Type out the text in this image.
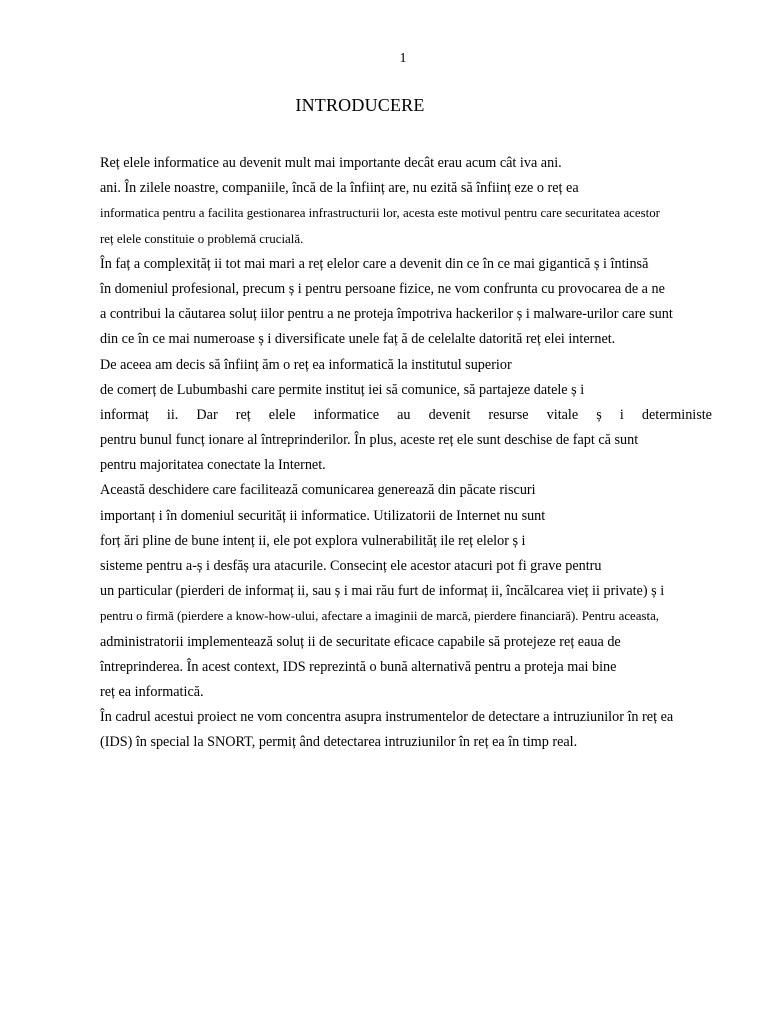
1
INTRODUCERE
Reț elele informatice au devenit mult mai importante decât erau acum cât iva ani.
ani. În zilele noastre, companiile, încă de la înființ are, nu ezită să înființ eze o reț ea
informatica pentru a facilita gestionarea infrastructurii lor, acesta este motivul pentru care securitatea acestor
reț elele constituie o problemă crucială.
În faț a complexităț ii tot mai mari a reț elelor care a devenit din ce în ce mai gigantică ș i întinsă
în domeniul profesional, precum ș i pentru persoane fizice, ne vom confrunta cu provocarea de a ne
a contribui la căutarea soluț iilor pentru a ne proteja împotriva hackerilor ș i malware-urilor care sunt
din ce în ce mai numeroase ș i diversificate unele faț ă de celelalte datorită reț elei internet.
De aceea am decis să înființ ăm o reț ea informatică la institutul superior
de comerț de Lubumbashi care permite instituț iei să comunice, să partajeze datele ș i
informaț ii. Dar reț elele informatice au devenit resurse vitale ș i deterministe
pentru bunul funcț ionare al întreprinderilor. În plus, aceste reț ele sunt deschise de fapt că sunt
pentru majoritatea conectate la Internet.
Această deschidere care facilitează comunicarea generează din păcate riscuri
importanț i în domeniul securităț ii informatice. Utilizatorii de Internet nu sunt
forț ări pline de bune intenț ii, ele pot explora vulnerabilităț ile reț elelor ș i
sisteme pentru a-ș i desfăș ura atacurile. Consecinț ele acestor atacuri pot fi grave pentru
un particular (pierderi de informaț ii, sau ș i mai rău furt de informaț ii, încălcarea vieț ii private) ș i
pentru o firmă (pierdere a know-how-ului, afectare a imaginii de marcă, pierdere financiară). Pentru aceasta,
administratorii implementează soluț ii de securitate eficace capabile să protejeze reț eaua de
întreprinderea. În acest context, IDS reprezintă o bună alternativă pentru a proteja mai bine
reț ea informatică.
În cadrul acestui proiect ne vom concentra asupra instrumentelor de detectare a intruziunilor în reț ea
(IDS) în special la SNORT, permiț ând detectarea intruziunilor în reț ea în timp real.
